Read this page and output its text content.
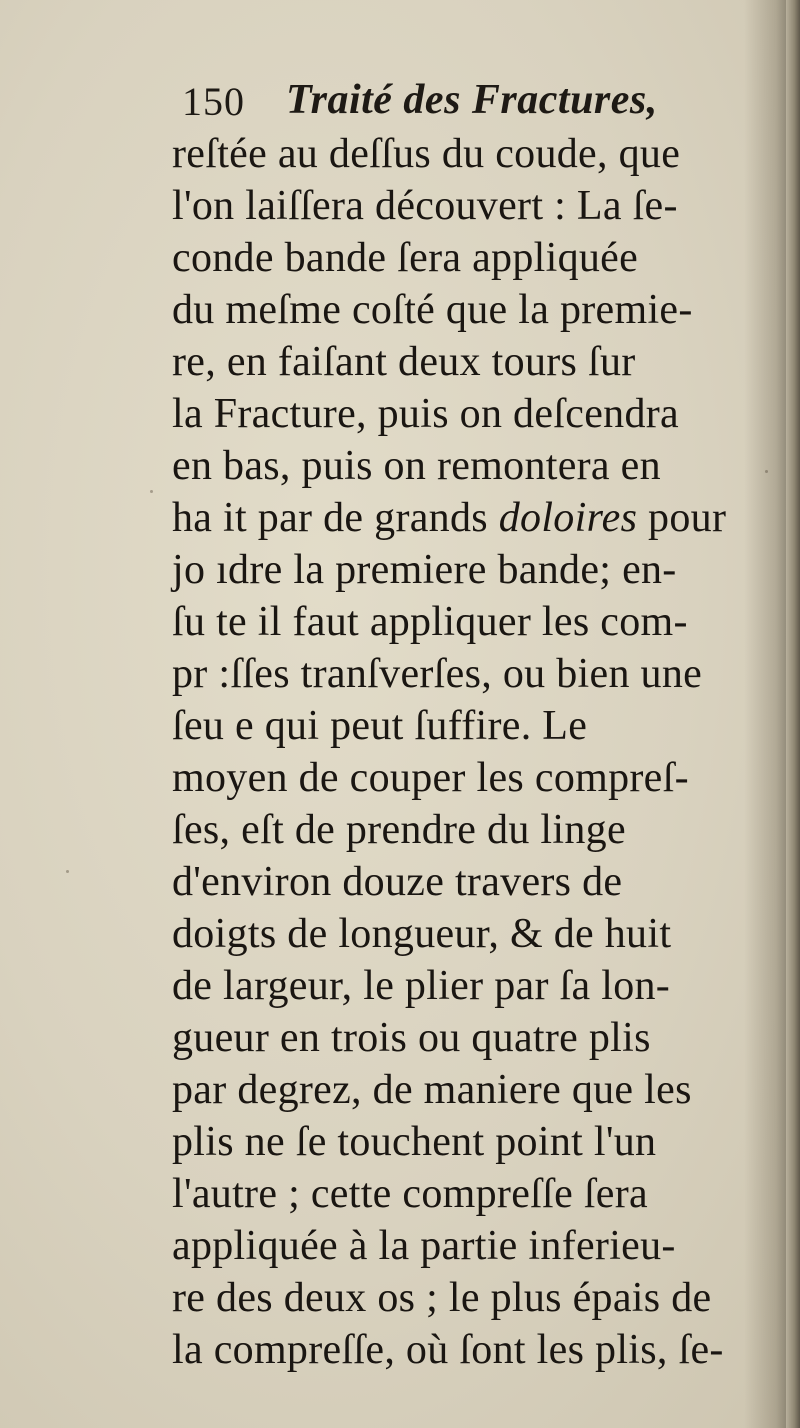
150 Traité des Fractures,
reſtée au deſſus du coude, que
l'on laiſſera découvert : La ſe-
conde bande ſera appliquée
du meſme coſté que la premie-
re, en faiſant deux tours ſur
la Fracture, puis on deſcendra
en bas, puis on remontera en
ha it par de grands doloires pour
jo ıdre la premiere bande; en-
ſu te il faut appliquer les com-
pr :ſſes tranſverſes, ou bien une
ſeu e qui peut ſuffire. Le
moyen de couper les compreſ-
ſes, eſt de prendre du linge
d'environ douze travers de
doigts de longueur, & de huit
de largeur, le plier par ſa lon-
gueur en trois ou quatre plis
par degrez, de maniere que les
plis ne ſe touchent point l'un
l'autre ; cette compreſſe ſera
appliquée à la partie inferieu-
re des deux os ; le plus épais de
la compreſſe, où ſont les plis, ſe-
